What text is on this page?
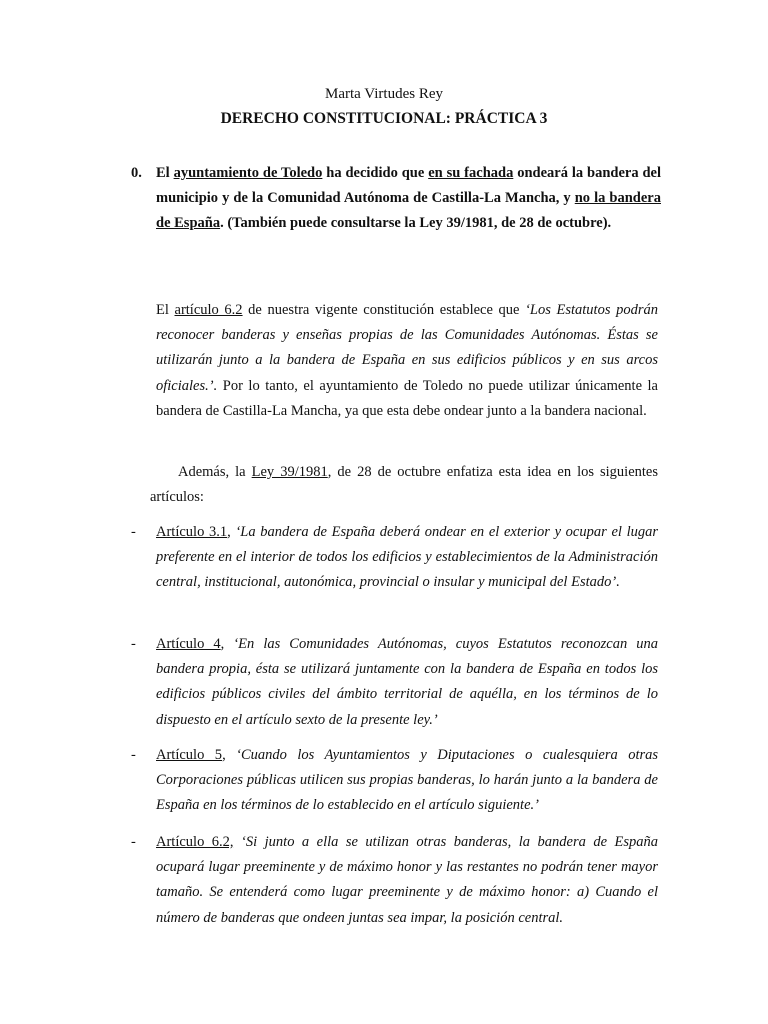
Marta Virtudes Rey
DERECHO CONSTITUCIONAL: PRÁCTICA 3
0. El ayuntamiento de Toledo ha decidido que en su fachada ondeará la bandera del municipio y de la Comunidad Autónoma de Castilla-La Mancha, y no la bandera de España. (También puede consultarse la Ley 39/1981, de 28 de octubre).
El artículo 6.2 de nuestra vigente constitución establece que ‘Los Estatutos podrán reconocer banderas y enseñas propias de las Comunidades Autónomas. Éstas se utilizarán junto a la bandera de España en sus edificios públicos y en sus arcos oficiales.’. Por lo tanto, el ayuntamiento de Toledo no puede utilizar únicamente la bandera de Castilla-La Mancha, ya que esta debe ondear junto a la bandera nacional.
Además, la Ley 39/1981, de 28 de octubre enfatiza esta idea en los siguientes artículos:
- Artículo 3.1, ‘La bandera de España deberá ondear en el exterior y ocupar el lugar preferente en el interior de todos los edificios y establecimientos de la Administración central, institucional, autonómica, provincial o insular y municipal del Estado’.
- Artículo 4, ‘En las Comunidades Autónomas, cuyos Estatutos reconozcan una bandera propia, ésta se utilizará juntamente con la bandera de España en todos los edificios públicos civiles del ámbito territorial de aquélla, en los términos de lo dispuesto en el artículo sexto de la presente ley.’
- Artículo 5, ‘Cuando los Ayuntamientos y Diputaciones o cualesquiera otras Corporaciones públicas utilicen sus propias banderas, lo harán junto a la bandera de España en los términos de lo establecido en el artículo siguiente.’
- Artículo 6.2, ‘Si junto a ella se utilizan otras banderas, la bandera de España ocupará lugar preeminente y de máximo honor y las restantes no podrán tener mayor tamaño. Se entenderá como lugar preeminente y de máximo honor: a) Cuando el número de banderas que ondeen juntas sea impar, la posición central.
